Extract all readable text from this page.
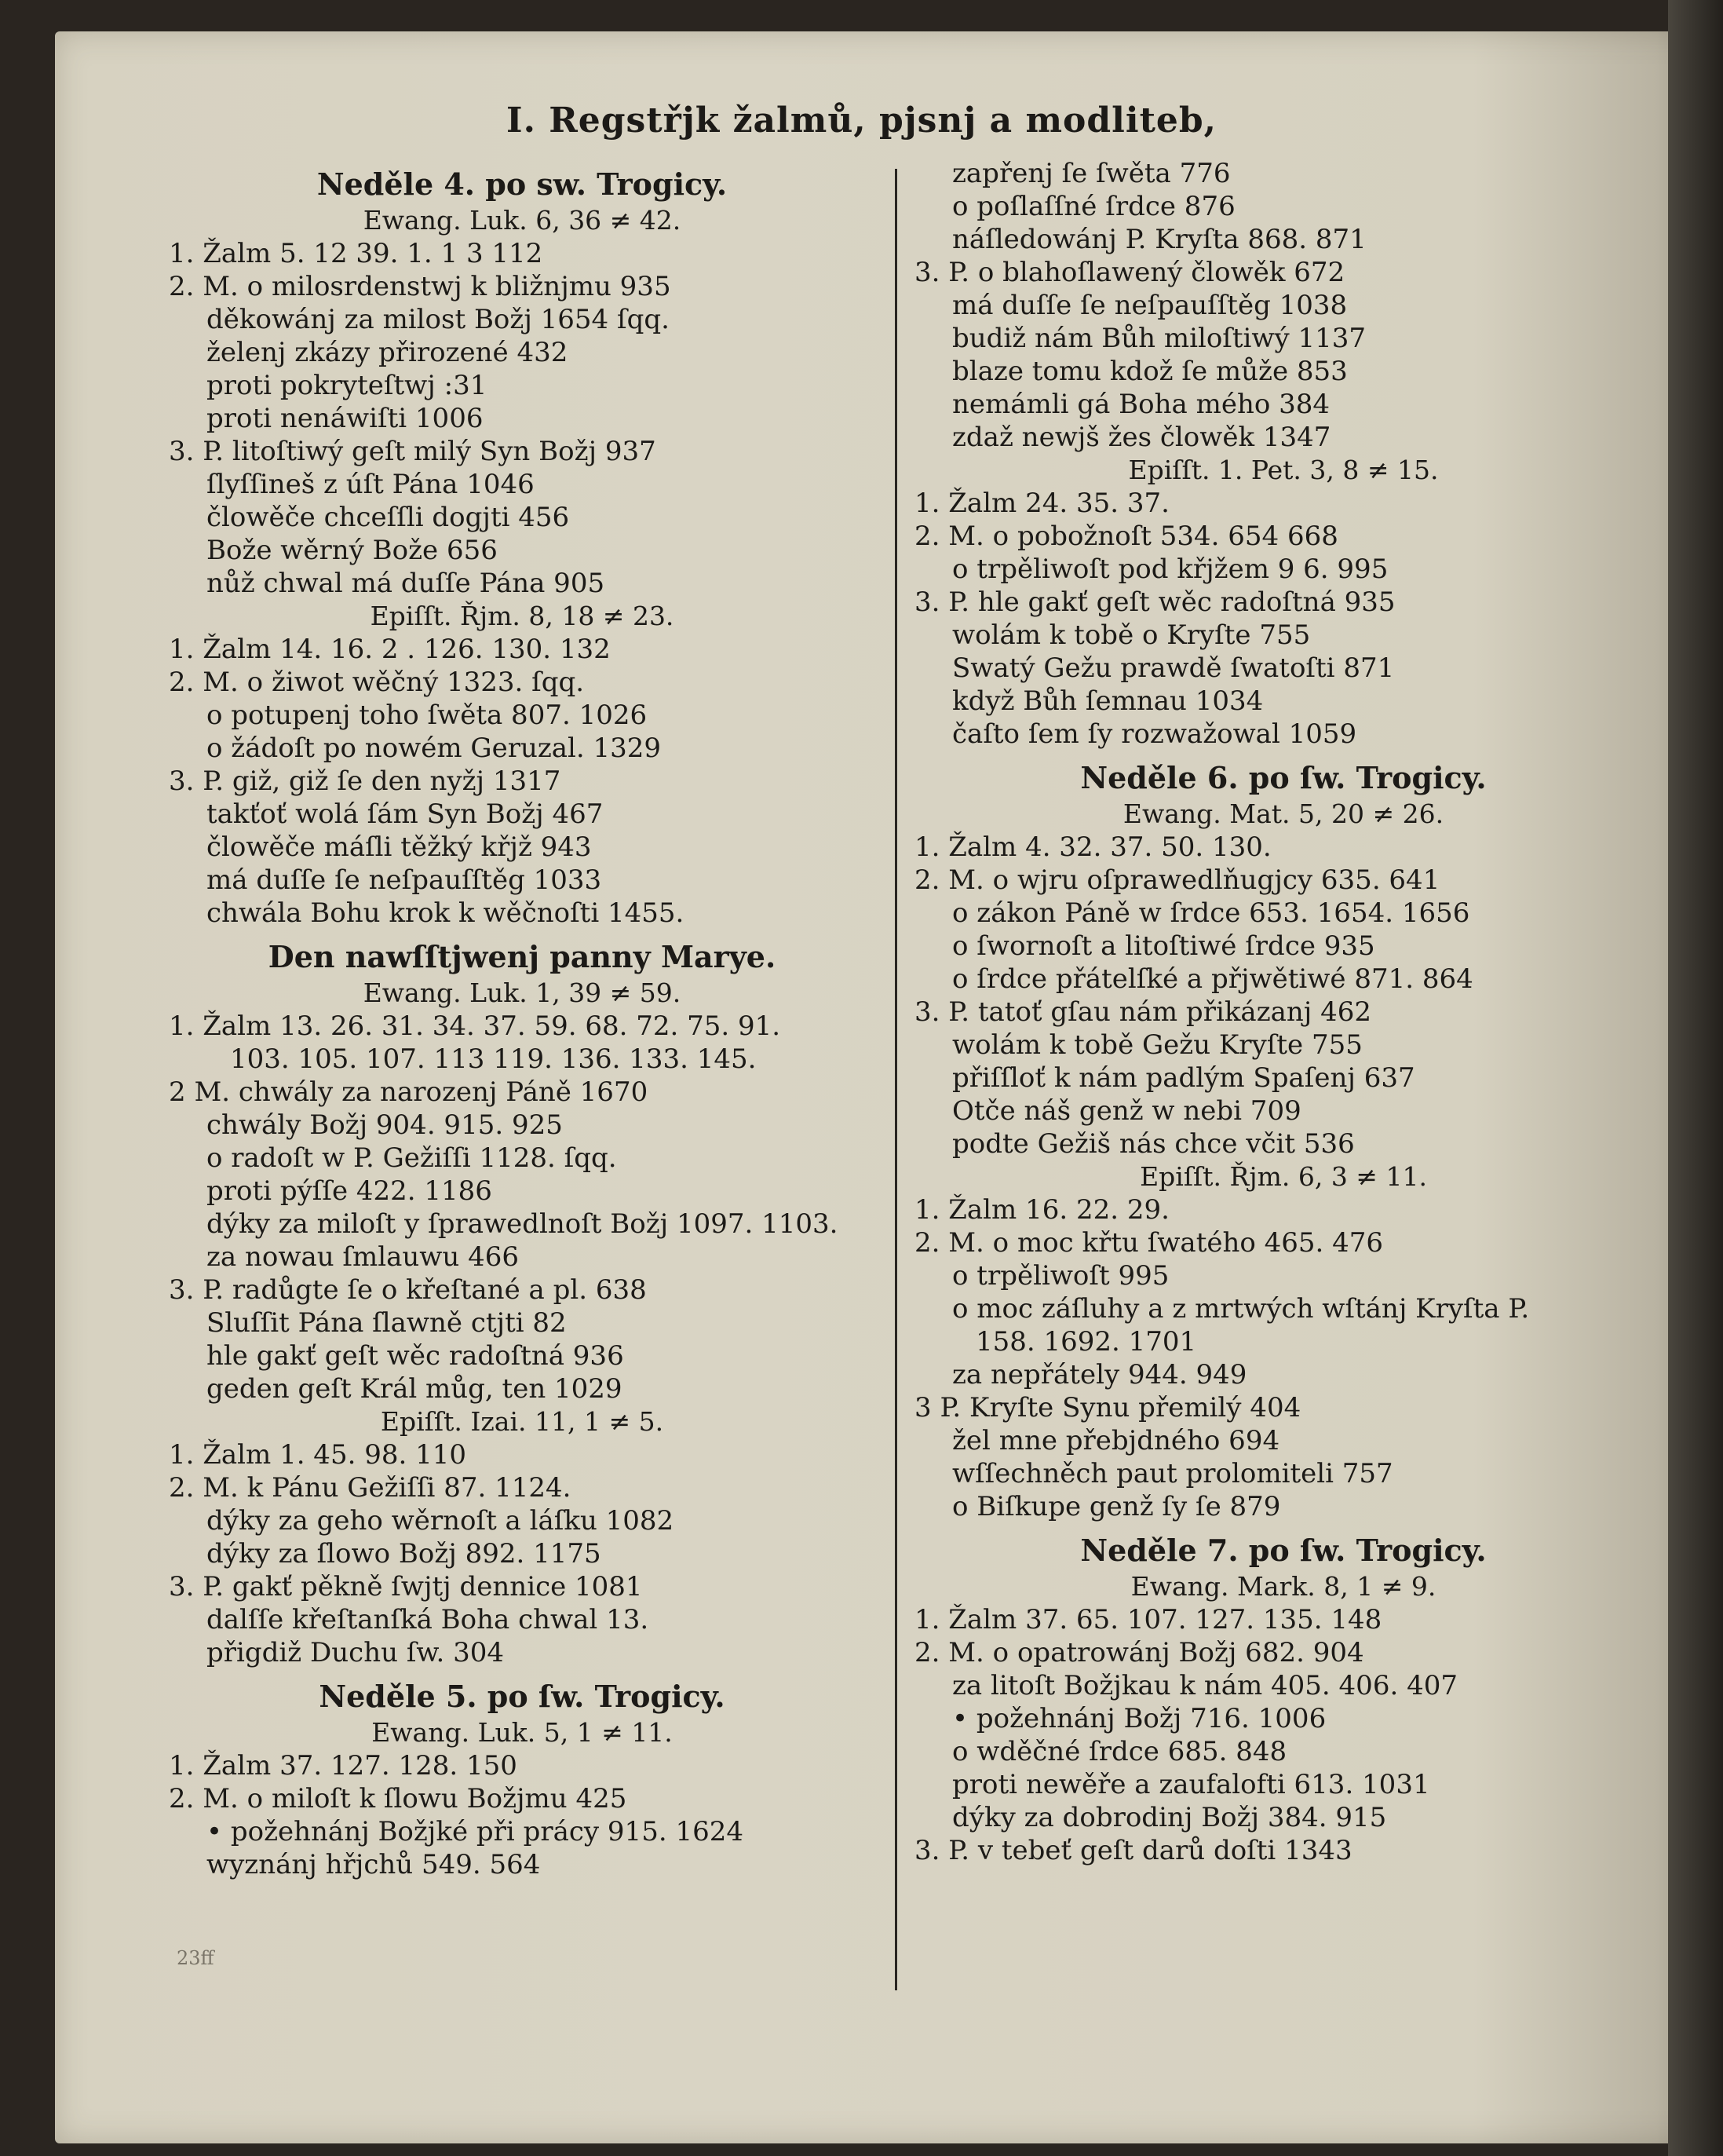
I. Regstřjk žalmů, pjsnj a modliteb,
Neděle 4. po sw. Trogicy.
Ewang. Luk. 6, 36 ≠ 42.
1. Žalm 5. 12 39. 1. 1 3 112
2. M. o milosrdenstwj k bližnjmu 935
děkowánj za milost Božj 1654 ſqq.
želenj zkázy přirozené 432
proti pokryteſtwj :31
proti nenáwiſti 1006
3. P. litoſtiwý geſt milý Syn Božj 937
ſlyſſineš z úſt Pána 1046
člowěče chceſſli dogjti 456
Bože wěrný Bože 656
nůž chwal má duſſe Pána 905
Epiſſt. Řjm. 8, 18 ≠ 23.
1. Žalm 14. 16. 2 . 126. 130. 132
2. M. o žiwot wěčný 1323. ſqq.
o potupenj toho ſwěta 807. 1026
o žádoſt po nowém Geruzal. 1329
3. P. giž, giž ſe den nyžj 1317
takťoť wolá ſám Syn Božj 467
člowěče máſli těžký křjž 943
má duſſe ſe neſpauſſtěg 1033
chwála Bohu krok k wěčnoſti 1455.
Den nawſſtjwenj panny Marye.
Ewang. Luk. 1, 39 ≠ 59.
1. Žalm 13. 26. 31. 34. 37. 59. 68. 72. 75. 91.
103. 105. 107. 113 119. 136. 133. 145.
2 M. chwály za narozenj Páně 1670
chwály Božj 904. 915. 925
o radoſt w P. Gežiſſi 1128. ſqq.
proti pýſſe 422. 1186
dýky za miloſt y ſprawedlnoſt Božj 1097. 1103.
za nowau ſmlauwu 466
3. P. radůgte ſe o křeſtané a pl. 638
Sluſſit Pána ſlawně ctjti 82
hle gakť geſt wěc radoſtná 936
geden geſt Král můg, ten 1029
Epiſſt. Izai. 11, 1 ≠ 5.
1. Žalm 1. 45. 98. 110
2. M. k Pánu Gežiſſi 87. 1124.
dýky za geho wěrnoſt a láſku 1082
dýky za ſlowo Božj 892. 1175
3. P. gakť pěkně ſwjtj dennice 1081
dalſſe křeſtanſká Boha chwal 13.
přigdiž Duchu ſw. 304
Neděle 5. po ſw. Trogicy.
Ewang. Luk. 5, 1 ≠ 11.
1. Žalm 37. 127. 128. 150
2. M. o miloſt k ſlowu Božjmu 425
• požehnánj Božjké při prácy 915. 1624
wyznánj hřjchů 549. 564
zapřenj ſe ſwěta 776
o poſlaſſné ſrdce 876
náſledowánj P. Kryſta 868. 871
3. P. o blahoſlawený člowěk 672
má duſſe ſe neſpauſſtěg 1038
budiž nám Bůh miloſtiwý 1137
blaze tomu kdož ſe může 853
nemámli gá Boha mého 384
zdaž newjš žes člowěk 1347
Epiſſt. 1. Pet. 3, 8 ≠ 15.
1. Žalm 24. 35. 37.
2. M. o pobožnoſt 534. 654 668
o trpěliwoſt pod křjžem 9 6. 995
3. P. hle gakť geſt wěc radoſtná 935
wolám k tobě o Kryſte 755
Swatý Gežu prawdě ſwatoſti 871
když Bůh ſemnau 1034
čaſto ſem ſy rozwažowal 1059
Neděle 6. po ſw. Trogicy.
Ewang. Mat. 5, 20 ≠ 26.
1. Žalm 4. 32. 37. 50. 130.
2. M. o wjru oſprawedlňugjcy 635. 641
o zákon Páně w ſrdce 653. 1654. 1656
o ſwornoſt a litoſtiwé ſrdce 935
o ſrdce přátelſké a přjwětiwé 871. 864
3. P. tatoť gſau nám přikázanj 462
wolám k tobě Gežu Kryſte 755
přiſſloť k nám padlým Spaſenj 637
Otče náš genž w nebi 709
podte Gežiš nás chce včit 536
Epiſſt. Řjm. 6, 3 ≠ 11.
1. Žalm 16. 22. 29.
2. M. o moc křtu ſwatého 465. 476
o trpěliwoſt 995
o moc záſluhy a z mrtwých wſtánj Kryſta P.
158. 1692. 1701
za nepřátely 944. 949
3 P. Kryſte Synu přemilý 404
žel mne přebjdného 694
wſſechněch paut prolomiteli 757
o Biſkupe genž ſy ſe 879
Neděle 7. po ſw. Trogicy.
Ewang. Mark. 8, 1 ≠ 9.
1. Žalm 37. 65. 107. 127. 135. 148
2. M. o opatrowánj Božj 682. 904
za litoſt Božjkau k nám 405. 406. 407
• požehnánj Božj 716. 1006
o wděčné ſrdce 685. 848
proti newěře a zaufalofti 613. 1031
dýky za dobrodinj Božj 384. 915
3. P. v tebeť geſt darů doſti 1343
23ff
